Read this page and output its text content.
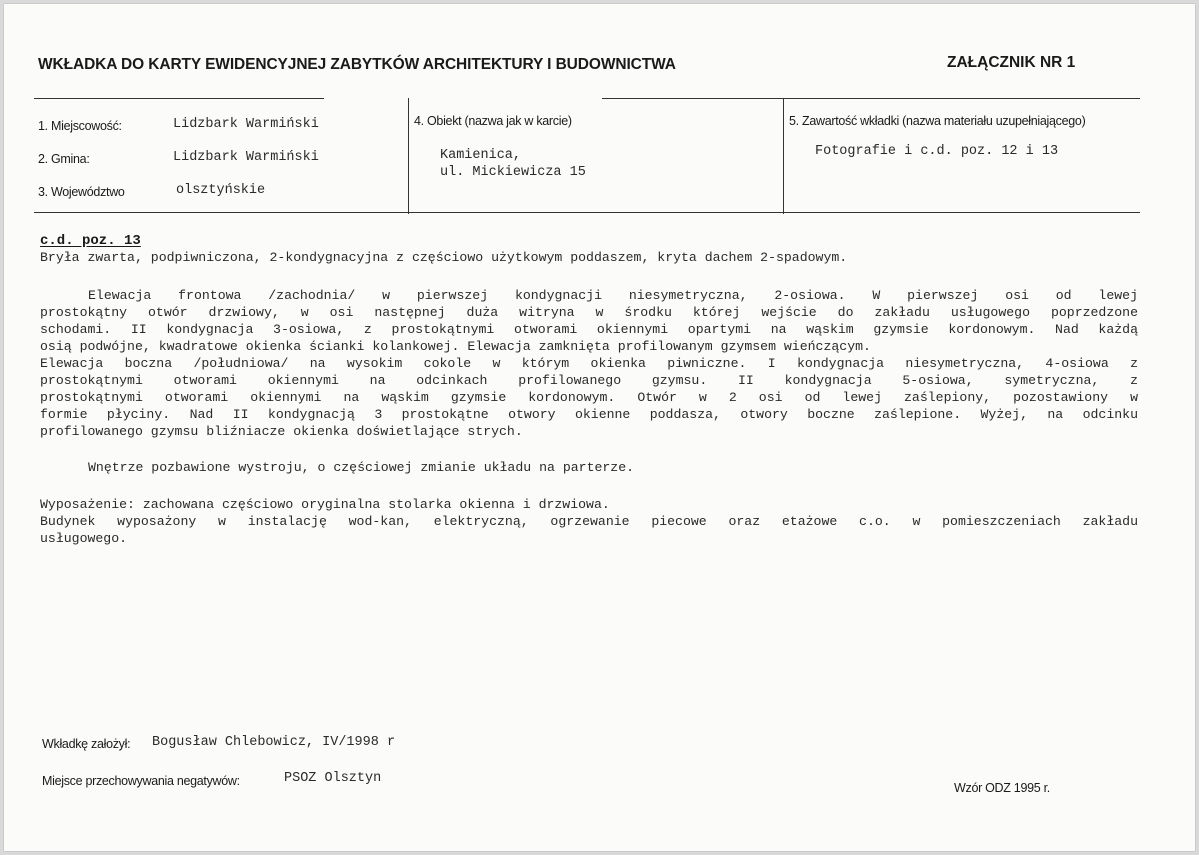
WKŁADKA DO KARTY EWIDENCYJNEJ ZABYTKÓW ARCHITEKTURY I BUDOWNICTWA	ZAŁĄCZNIK NR 1
1. Miejscowość:	Lidzbark Warmiński
2. Gmina:	Lidzbark Warmiński
3. Województwo	olsztyńskie
4. Obiekt (nazwa jak w karcie)
Kamienica,
ul. Mickiewicza 15
5. Zawartość wkładki (nazwa materiału uzupełniającego)
Fotografie i c.d. poz. 12 i 13
c.d. poz. 13
Bryła zwarta, podpiwniczona, 2-kondygnacyjna z częściowo użytkowym poddaszem, kryta dachem 2-spadowym.
Elewacja frontowa /zachodnia/ w pierwszej kondygnacji niesymetryczna, 2-osiowa. W pierwszej osi od lewej
prostokątny otwór drzwiowy, w osi następnej duża witryna w środku której wejście do zakładu usługowego poprzedzone
schodami. II kondygnacja 3-osiowa, z prostokątnymi otworami okiennymi opartymi na wąskim gzymsie kordonowym. Nad każdą
osią podwójne, kwadratowe okienka ścianki kolankowej. Elewacja zamknięta profilowanym gzymsem wieńczącym.
Elewacja boczna /południowa/ na wysokim cokole w którym okienka piwniczne. I kondygnacja niesymetryczna, 4-osiowa z
prostokątnymi otworami okiennymi na odcinkach profilowanego gzymsu. II kondygnacja 5-osiowa, symetryczna, z
prostokątnymi otworami okiennymi na wąskim gzymsie kordonowym. Otwór w 2 osi od lewej zaślepiony, pozostawiony w
formie płyciny. Nad II kondygnacją 3 prostokątne otwory okienne poddasza, otwory boczne zaślepione. Wyżej, na odcinku
profilowanego gzymsu bliźniacze okienka doświetlające strych.
Wnętrze pozbawione wystroju, o częściowej zmianie układu na parterze.
Wyposażenie: zachowana częściowo oryginalna stolarka okienna i drzwiowa.
Budynek wyposażony w instalację wod-kan, elektryczną, ogrzewanie piecowe oraz etażowe c.o. w pomieszczeniach zakładu
usługowego.
Wkładkę założył: Bogusław Chlebowicz, IV/1998 r
Miejsce przechowywania negatywów:	PSOZ Olsztyn
Wzór ODZ 1995 r.
